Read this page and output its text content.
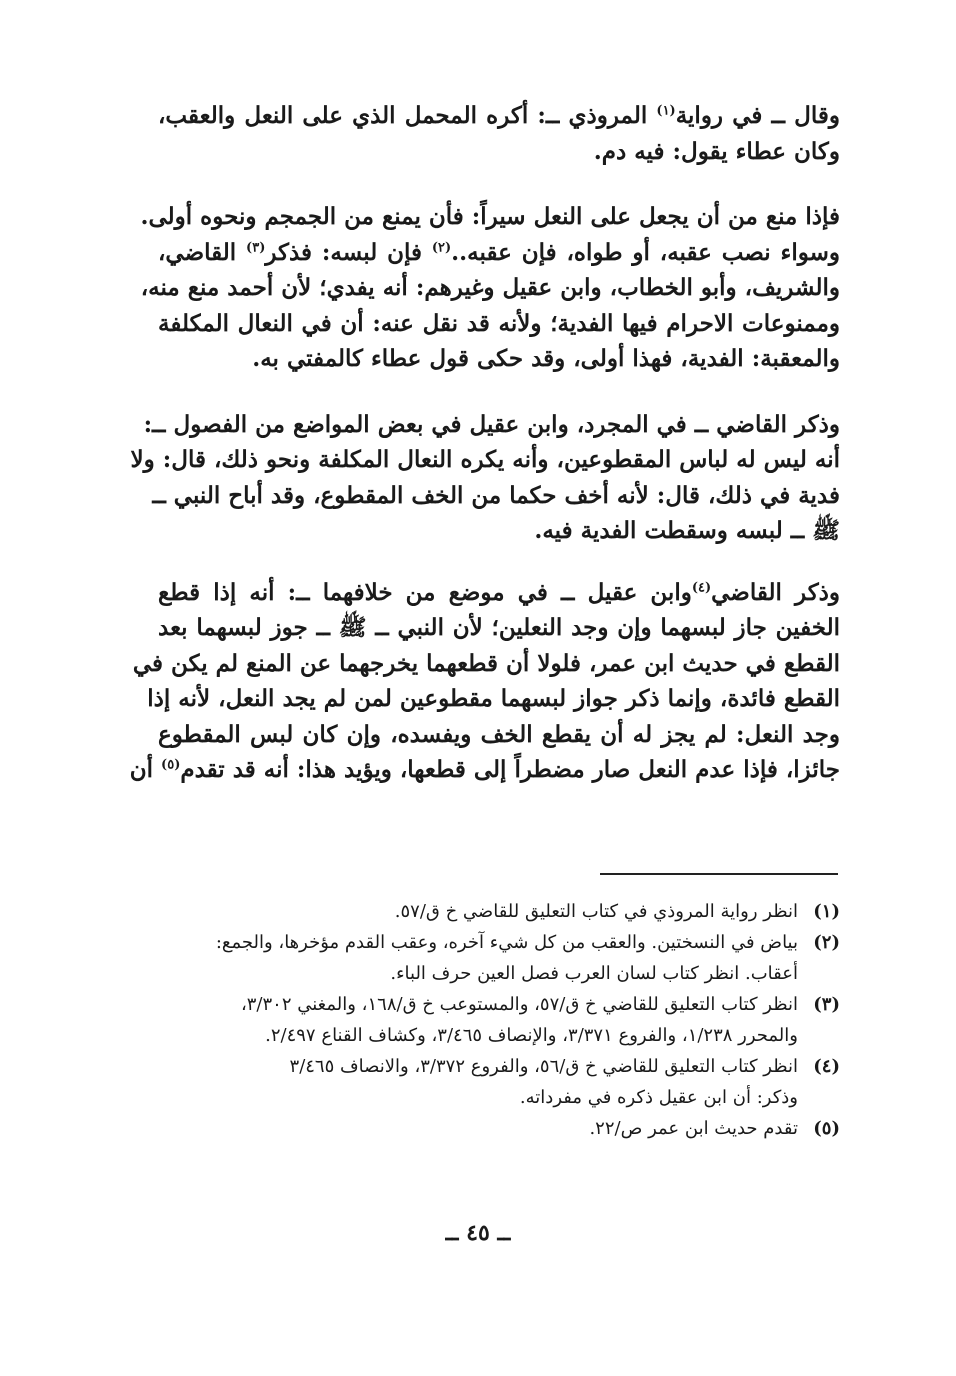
وقال ــ في رواية$^{(١)}$ المروذي ــ: أكره المحمل الذي على النعل والعقب،
وكان عطاء يقول: فيه دم.

فإذا منع من أن يجعل على النعل سيراً: فأن يمنع من الجمجم ونحوه أولى.
وسواء نصب عقبه، أو طواه، فإن عقبه..$^{(٢)}$ فإن لبسه: فذكر$^{(٣)}$ القاضي،
والشريف، وأبو الخطاب، وابن عقيل وغيرهم: أنه يفدي؛ لأن أحمد منع منه،
وممنوعات الاحرام فيها الفدية؛ ولأنه قد نقل عنه: أن في النعال المكلفة
والمعقبة: الفدية، فهذا أولى، وقد حكى قول عطاء كالمفتي به.

وذكر القاضي ــ في المجرد، وابن عقيل في بعض المواضع من الفصول ــ:
أنه ليس له لباس المقطوعين، وأنه يكره النعال المكلفة ونحو ذلك، قال: ولا
فدية في ذلك، قال: لأنه أخف حكما من الخف المقطوع، وقد أباح النبي ــ
ﷺ ــ لبسه وسقطت الفدية فيه.

وذكر القاضي$^{(٤)}$وابن عقيل ــ في موضع من خلافهما ــ: أنه إذا قطع
الخفين جاز لبسهما وإن وجد النعلين؛ لأن النبي ــ ﷺ ــ جوز لبسهما بعد
القطع في حديث ابن عمر، فلولا أن قطعهما يخرجهما عن المنع لم يكن في
القطع فائدة، وإنما ذكر جواز لبسهما مقطوعين لمن لم يجد النعل، لأنه إذا
وجد النعل: لم يجز له أن يقطع الخف ويفسده، وإن كان لبس المقطوع
جائزا، فإذا عدم النعل صار مضطراً إلى قطعها، ويؤيد هذا: أنه قد تقدم$^{(٥)}$ أن

(١)
انظر رواية المروذي في كتاب التعليق للقاضي خ ق/٥٧.
(٢)
بياض في النسختين. والعقب من كل شيء آخره، وعقب القدم مؤخرها، والجمع:
أعقاب. انظر كتاب لسان العرب فصل العين حرف الباء.
(٣)
انظر كتاب التعليق للقاضي خ ق/٥٧، والمستوعب خ ق/١٦٨، والمغني ٣/٣٠٢،
والمحرر ١/٢٣٨، والفروع ٣/٣٧١، والإنصاف ٣/٤٦٥، وكشاف القناع ٢/٤٩٧.
(٤)
انظر كتاب التعليق للقاضي خ ق/٥٦، والفروع ٣/٣٧٢، والانصاف ٣/٤٦٥
وذكر: أن ابن عقيل ذكره في مفرداته.
(٥)
تقدم حديث ابن عمر ص/٢٢.
ــ ٤٥ ــ
